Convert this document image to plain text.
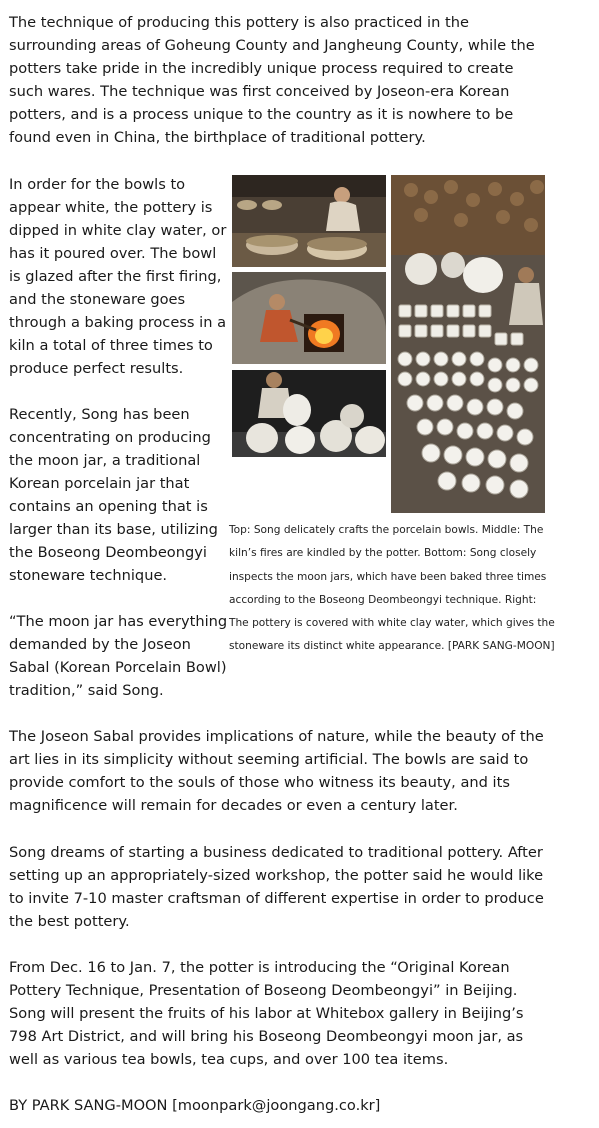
The technique of producing this pottery is also practiced in the surrounding areas of Goheung County and Jangheung County, while the potters take pride in the incredibly unique process required to create such wares. The technique was first conceived by Joseon-era Korean potters, and is a process unique to the country as it is nowhere to be found even in China, the birthplace of traditional pottery.

In order for the bowls to appear white, the pottery is dipped in white clay water, or has it poured over. The bowl is glazed after the first firing, and the stoneware goes through a baking process in a kiln a total of three times to produce perfect results.

Recently, Song has been concentrating on producing the moon jar, a traditional Korean porcelain jar that contains an opening that is larger than its base, utilizing the Boseong Deombeongyi stoneware technique.

“The moon jar has everything demanded by the Joseon Sabal (Korean Porcelain Bowl) tradition,” said Song.

Top: Song delicately crafts the porcelain bowls. Middle: The kiln’s fires are kindled by the potter. Bottom: Song closely inspects the moon jars, which have been baked three times according to the Boseong Deombeongyi technique. Right: The pottery is covered with white clay water, which gives the stoneware its distinct white appearance. [PARK SANG-MOON]

The Joseon Sabal provides implications of nature, while the beauty of the art lies in its simplicity without seeming artificial. The bowls are said to provide comfort to the souls of those who witness its beauty, and its magnificence will remain for decades or even a century later.

Song dreams of starting a business dedicated to traditional pottery. After setting up an appropriately-sized workshop, the potter said he would like to invite 7-10 master craftsman of different expertise in order to produce the best pottery.

From Dec. 16 to Jan. 7, the potter is introducing the “Original Korean Pottery Technique, Presentation of Boseong Deombeongyi” in Beijing. Song will present the fruits of his labor at Whitebox gallery in Beijing’s 798 Art District, and will bring his Boseong Deombeongyi moon jar, as well as various tea bowls, tea cups, and over 100 tea items.

BY PARK SANG-MOON [moonpark@joongang.co.kr]
